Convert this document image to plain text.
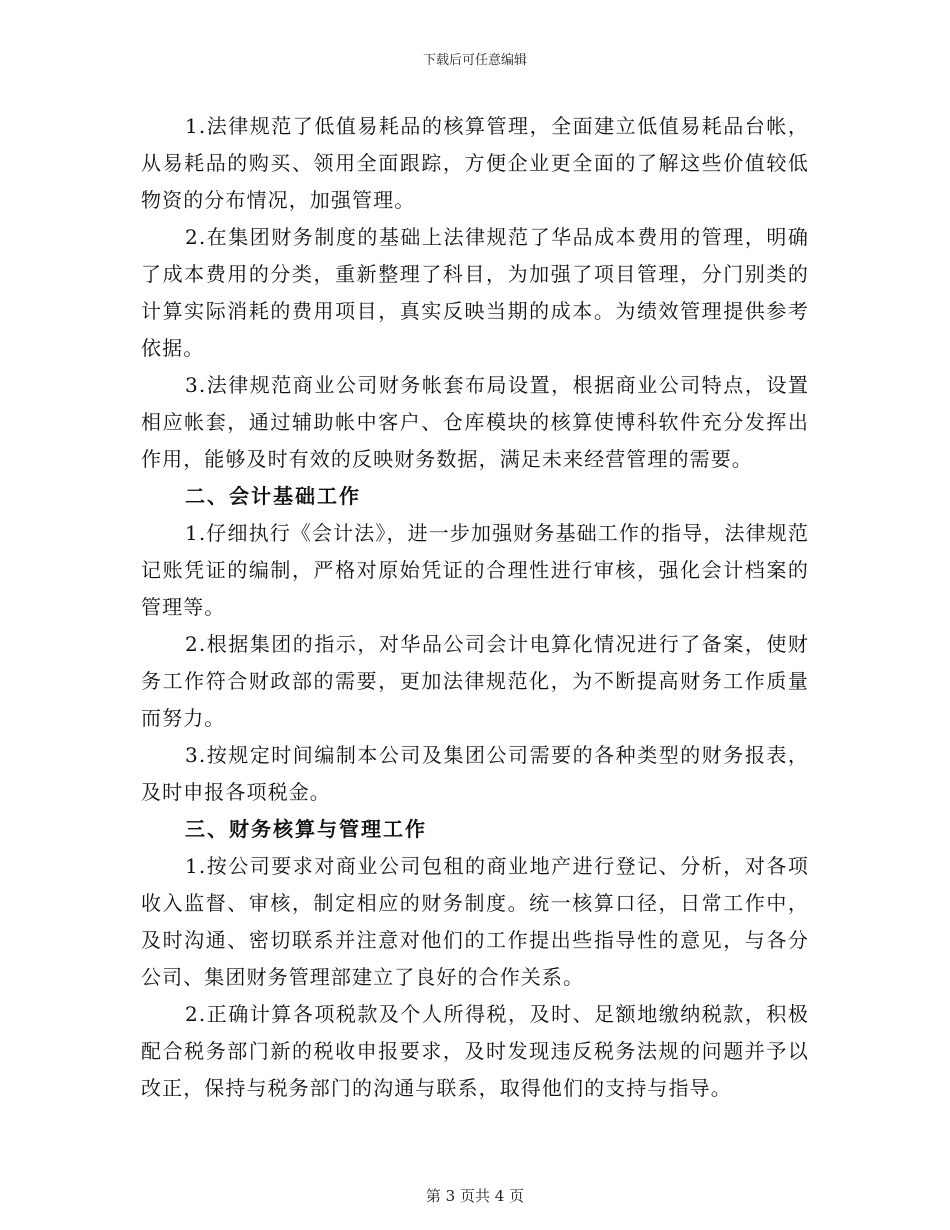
下载后可任意编辑

1.法律规范了低值易耗品的核算管理，全面建立低值易耗品台帐，从易耗品的购买、领用全面跟踪，方便企业更全面的了解这些价值较低物资的分布情况，加强管理。

2.在集团财务制度的基础上法律规范了华品成本费用的管理，明确了成本费用的分类，重新整理了科目，为加强了项目管理，分门别类的计算实际消耗的费用项目，真实反映当期的成本。为绩效管理提供参考依据。

3.法律规范商业公司财务帐套布局设置，根据商业公司特点，设置相应帐套，通过辅助帐中客户、仓库模块的核算使博科软件充分发挥出作用，能够及时有效的反映财务数据，满足未来经营管理的需要。

二、会计基础工作

1.仔细执行《会计法》，进一步加强财务基础工作的指导，法律规范记账凭证的编制，严格对原始凭证的合理性进行审核，强化会计档案的管理等。

2.根据集团的指示，对华品公司会计电算化情况进行了备案，使财务工作符合财政部的需要，更加法律规范化，为不断提高财务工作质量而努力。

3.按规定时间编制本公司及集团公司需要的各种类型的财务报表，及时申报各项税金。

三、财务核算与管理工作

1.按公司要求对商业公司包租的商业地产进行登记、分析，对各项收入监督、审核，制定相应的财务制度。统一核算口径，日常工作中，及时沟通、密切联系并注意对他们的工作提出些指导性的意见，与各分公司、集团财务管理部建立了良好的合作关系。

2.正确计算各项税款及个人所得税，及时、足额地缴纳税款，积极配合税务部门新的税收申报要求，及时发现违反税务法规的问题并予以改正，保持与税务部门的沟通与联系，取得他们的支持与指导。

第 3 页共 4 页
